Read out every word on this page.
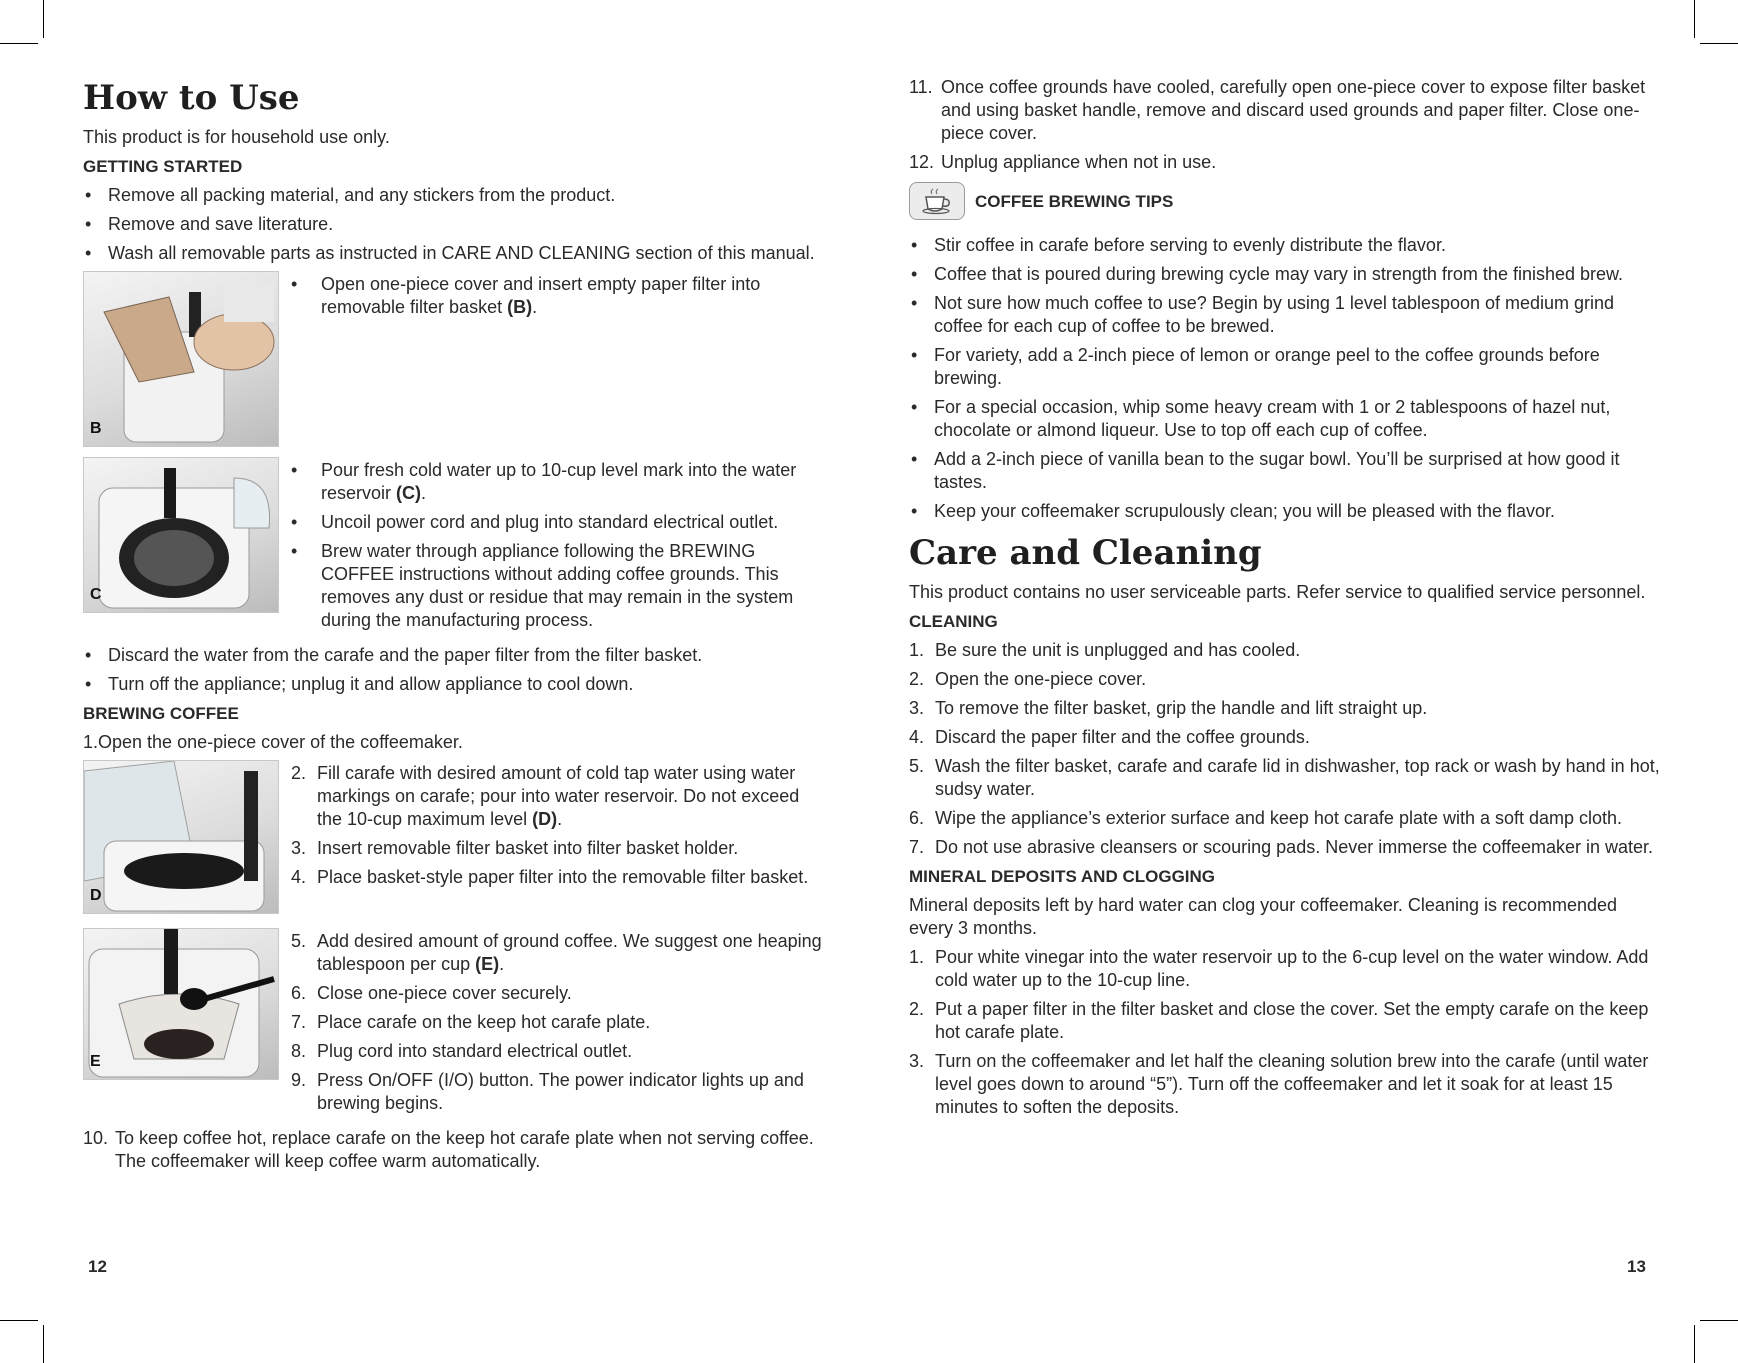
How to Use

This product is for household use only.

GETTING STARTED
• Remove all packing material, and any stickers from the product.
• Remove and save literature.
• Wash all removable parts as instructed in CARE AND CLEANING section of this manual.
B
• Open one-piece cover and insert empty paper filter into removable filter basket (B).
C
• Pour fresh cold water up to 10-cup level mark into the water reservoir (C).
• Uncoil power cord and plug into standard electrical outlet.
• Brew water through appliance following the BREWING COFFEE instructions without adding coffee grounds. This removes any dust or residue that may remain in the system during the manufacturing process.
• Discard the water from the carafe and the paper filter from the filter basket.
• Turn off the appliance; unplug it and allow appliance to cool down.
BREWING COFFEE

1.Open the one-piece cover of the coffeemaker.

D
2. Fill carafe with desired amount of cold tap water using water markings on carafe; pour into water reservoir. Do not exceed the 10-cup maximum level (D).
3. Insert removable filter basket into filter basket holder.
4. Place basket-style paper filter into the removable filter basket.
E
5. Add desired amount of ground coffee. We suggest one heaping tablespoon per cup (E).
6. Close one-piece cover securely.
7. Place carafe on the keep hot carafe plate.
8. Plug cord into standard electrical outlet.
9. Press On/OFF (I/O) button. The power indicator lights up and brewing begins.
10. To keep coffee hot, replace carafe on the keep hot carafe plate when not serving coffee. The coffeemaker will keep coffee warm automatically.
11. Once coffee grounds have cooled, carefully open one-piece cover to expose filter basket and using basket handle, remove and discard used grounds and paper filter. Close one-piece cover.
12. Unplug appliance when not in use.
COFFEE BREWING TIPS
• Stir coffee in carafe before serving to evenly distribute the flavor.
• Coffee that is poured during brewing cycle may vary in strength from the finished brew.
• Not sure how much coffee to use? Begin by using 1 level tablespoon of medium grind coffee for each cup of coffee to be brewed.
• For variety, add a 2-inch piece of lemon or orange peel to the coffee grounds before brewing.
• For a special occasion, whip some heavy cream with 1 or 2 tablespoons of hazel nut, chocolate or almond liqueur. Use to top off each cup of coffee.
• Add a 2-inch piece of vanilla bean to the sugar bowl. You’ll be surprised at how good it tastes.
• Keep your coffeemaker scrupulously clean; you will be pleased with the flavor.
Care and Cleaning

This product contains no user serviceable parts. Refer service to qualified service personnel.

CLEANING
1. Be sure the unit is unplugged and has cooled.
2. Open the one-piece cover.
3. To remove the filter basket, grip the handle and lift straight up.
4. Discard the paper filter and the coffee grounds.
5. Wash the filter basket, carafe and carafe lid in dishwasher, top rack or wash by hand in hot, sudsy water.
6. Wipe the appliance’s exterior surface and keep hot carafe plate with a soft damp cloth.
7. Do not use abrasive cleansers or scouring pads. Never immerse the coffeemaker in water.
MINERAL DEPOSITS AND CLOGGING

Mineral deposits left by hard water can clog your coffeemaker. Cleaning is recommended every 3 months.

1. Pour white vinegar into the water reservoir up to the 6-cup level on the water window. Add cold water up to the 10-cup line.
2. Put a paper filter in the filter basket and close the cover. Set the empty carafe on the keep hot carafe plate.
3. Turn on the coffeemaker and let half the cleaning solution brew into the carafe (until water level goes down to around “5”). Turn off the coffeemaker and let it soak for at least 15 minutes to soften the deposits.
12	13
